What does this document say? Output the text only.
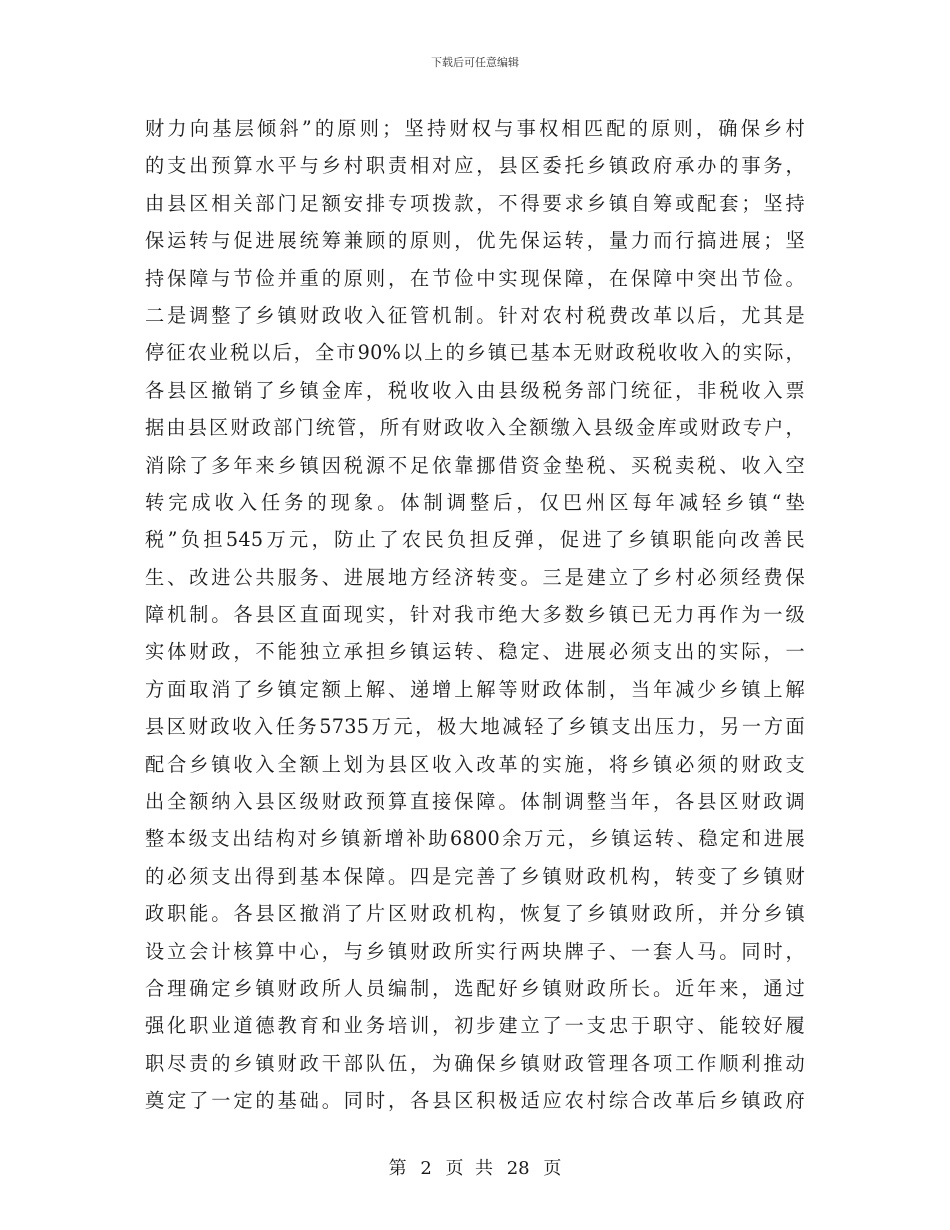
下载后可任意编辑
财力向基层倾斜”的原则；坚持财权与事权相匹配的原则，确保乡村
的支出预算水平与乡村职责相对应，县区委托乡镇政府承办的事务，
由县区相关部门足额安排专项拨款，不得要求乡镇自筹或配套；坚持
保运转与促进展统筹兼顾的原则，优先保运转，量力而行搞进展；坚
持保障与节俭并重的原则，在节俭中实现保障，在保障中突出节俭。
二是调整了乡镇财政收入征管机制。针对农村税费改革以后，尤其是
停征农业税以后，全市90%以上的乡镇已基本无财政税收收入的实际，
各县区撤销了乡镇金库，税收收入由县级税务部门统征，非税收入票
据由县区财政部门统管，所有财政收入全额缴入县级金库或财政专户，
消除了多年来乡镇因税源不足依靠挪借资金垫税、买税卖税、收入空
转完成收入任务的现象。体制调整后，仅巴州区每年减轻乡镇“垫
税”负担545万元，防止了农民负担反弹，促进了乡镇职能向改善民
生、改进公共服务、进展地方经济转变。三是建立了乡村必须经费保
障机制。各县区直面现实，针对我市绝大多数乡镇已无力再作为一级
实体财政，不能独立承担乡镇运转、稳定、进展必须支出的实际，一
方面取消了乡镇定额上解、递增上解等财政体制，当年减少乡镇上解
县区财政收入任务5735万元，极大地减轻了乡镇支出压力，另一方面
配合乡镇收入全额上划为县区收入改革的实施，将乡镇必须的财政支
出全额纳入县区级财政预算直接保障。体制调整当年，各县区财政调
整本级支出结构对乡镇新增补助6800余万元，乡镇运转、稳定和进展
的必须支出得到基本保障。四是完善了乡镇财政机构，转变了乡镇财
政职能。各县区撤消了片区财政机构，恢复了乡镇财政所，并分乡镇
设立会计核算中心，与乡镇财政所实行两块牌子、一套人马。同时，
合理确定乡镇财政所人员编制，选配好乡镇财政所长。近年来，通过
强化职业道德教育和业务培训，初步建立了一支忠于职守、能较好履
职尽责的乡镇财政干部队伍，为确保乡镇财政管理各项工作顺利推动
奠定了一定的基础。同时，各县区积极适应农村综合改革后乡镇政府
第 2 页  共 28 页
